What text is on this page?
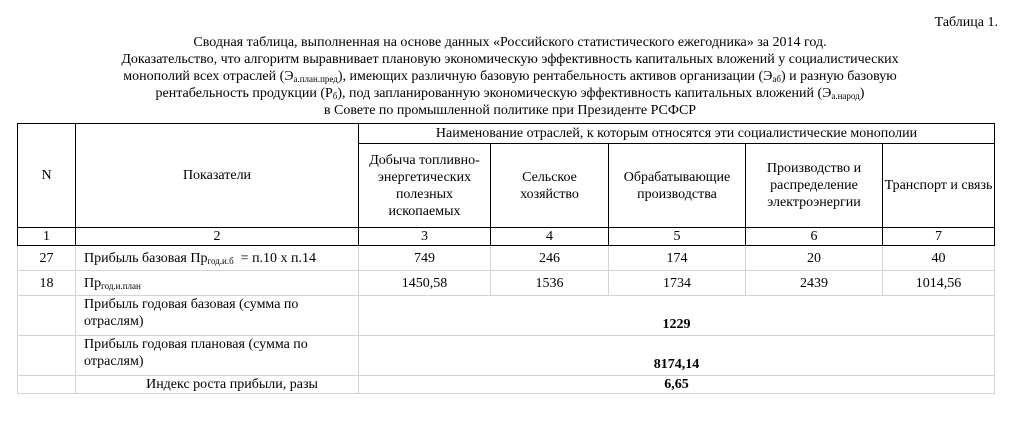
Таблица 1.
Сводная таблица, выполненная на основе данных «Российского статистического ежегодника» за 2014 год.
Доказательство, что алгоритм выравнивает плановую экономическую эффективность капитальных вложений у социалистических
монополий всех отраслей $(Э_{а.план.пред})$, имеющих различную базовую рентабельность активов организации $(Э_{аб})$ и разную базовую
рентабельность продукции $(Р_б)$, под запланированную экономическую эффективность капитальных вложений $(Э_{а.народ})$
в Совете по промышленной политике при Президенте РСФСР
N	Показатели	Наименование отраслей, к которым относятся эти социалистические монополии				
		Добыча топливно-энергетических полезных ископаемых	Сельское хозяйство	Обрабатывающие производства	Производство и распределение электроэнергии	Транспорт и связь
1	2	3	4	5	6	7
27	Прибыль базовая $Пр_{год.и.б} = п.10$ х п.14	749	246	174	20	40
18	$Пр_{год.и.план}$	1450,58	1536	1734	2439	1014,56
	Прибыль годовая базовая (сумма по отраслям)	1229				
	Прибыль годовая плановая (сумма по отраслям)	8174,14				
	Индекс роста прибыли, разы	6,65				
